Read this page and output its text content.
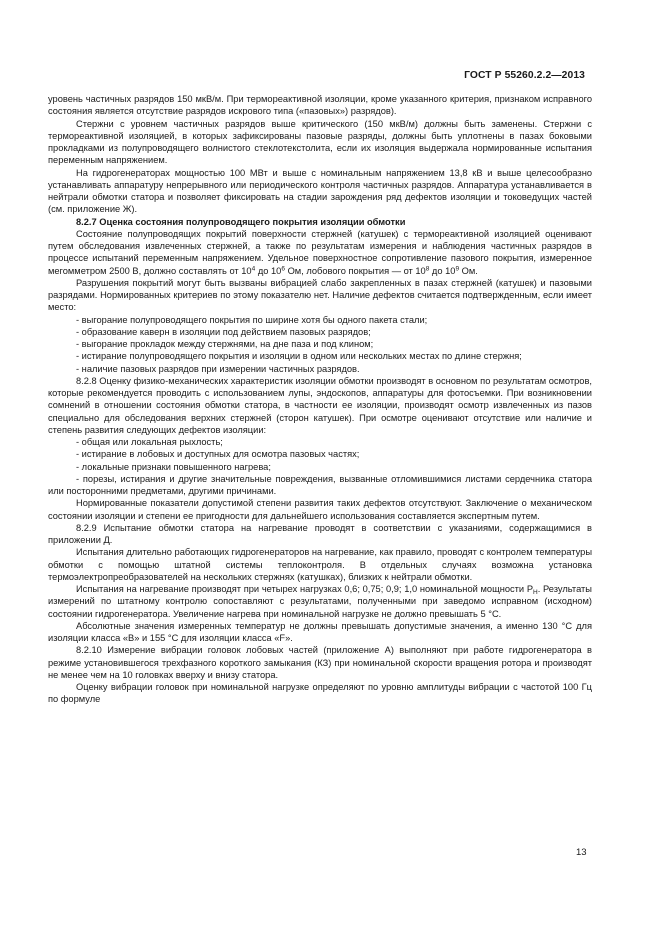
ГОСТ Р 55260.2.2—2013

уровень частичных разрядов 150 мкВ/м. При термореактивной изоляции, кроме указанного критерия, признаком исправного состояния является отсутствие разрядов искрового типа («пазовых») разрядов).

Стержни с уровнем частичных разрядов выше критического (150 мкВ/м) должны быть заменены. Стержни с термореактивной изоляцией, в которых зафиксированы пазовые разряды, должны быть уплотнены в пазах боковыми прокладками из полупроводящего волнистого стеклотекстолита, если их изоляция выдержала нормированные испытания переменным напряжением.

На гидрогенераторах мощностью 100 МВт и выше с номинальным напряжением 13,8 кВ и выше целесообразно устанавливать аппаратуру непрерывного или периодического контроля частичных разрядов. Аппаратура устанавливается в нейтрали обмотки статора и позволяет фиксировать на стадии зарождения ряд дефектов изоляции и токоведущих частей (см. приложение Ж).

8.2.7 Оценка состояния полупроводящего покрытия изоляции обмотки

Состояние полупроводящих покрытий поверхности стержней (катушек) с термореактивной изоляцией оценивают путем обследования извлеченных стержней, а также по результатам измерения и наблюдения частичных разрядов в процессе испытаний переменным напряжением. Удельное поверхностное сопротивление пазового покрытия, измеренное мегомметром 2500 В, должно составлять от $10^4$ до $10^6$ Ом, лобового покрытия — от $10^8$ до $10^9$ Ом.

Разрушения покрытий могут быть вызваны вибрацией слабо закрепленных в пазах стержней (катушек) и пазовыми разрядами. Нормированных критериев по этому показателю нет. Наличие дефектов считается подтвержденным, если имеет место:

- выгорание полупроводящего покрытия по ширине хотя бы одного пакета стали;

- образование каверн в изоляции под действием пазовых разрядов;

- выгорание прокладок между стержнями, на дне паза и под клином;

- истирание полупроводящего покрытия и изоляции в одном или нескольких местах по длине стержня;

- наличие пазовых разрядов при измерении частичных разрядов.

8.2.8 Оценку физико-механических характеристик изоляции обмотки производят в основном по результатам осмотров, которые рекомендуется проводить с использованием лупы, эндоскопов, аппаратуры для фотосъемки. При возникновении сомнений в отношении состояния обмотки статора, в частности ее изоляции, производят осмотр извлеченных из пазов специально для обследования верхних стержней (сторон катушек). При осмотре оценивают отсутствие или наличие и степень развития следующих дефектов изоляции:

- общая или локальная рыхлость;

- истирание в лобовых и доступных для осмотра пазовых частях;

- локальные признаки повышенного нагрева;

- порезы, истирания и другие значительные повреждения, вызванные отломившимися листами сердечника статора или посторонними предметами, другими причинами.

Нормированные показатели допустимой степени развития таких дефектов отсутствуют. Заключение о механическом состоянии изоляции и степени ее пригодности для дальнейшего использования составляется экспертным путем.

8.2.9 Испытание обмотки статора на нагревание проводят в соответствии с указаниями, содержащимися в приложении Д.

Испытания длительно работающих гидрогенераторов на нагревание, как правило, проводят с контролем температуры обмотки с помощью штатной системы теплоконтроля. В отдельных случаях возможна установка термоэлектропреобразователей на нескольких стержнях (катушках), близких к нейтрали обмотки.

Испытания на нагревание производят при четырех нагрузках 0,6; 0,75; 0,9; 1,0 номинальной мощности $P_Н$. Результаты измерений по штатному контролю сопоставляют с результатами, полученными при заведомо исправном (исходном) состоянии гидрогенератора. Увеличение нагрева при номинальной нагрузке не должно превышать 5 °С.

Абсолютные значения измеренных температур не должны превышать допустимые значения, а именно 130 °С для изоляции класса «В» и 155 °С для изоляции класса «F».

8.2.10 Измерение вибрации головок лобовых частей (приложение А) выполняют при работе гидрогенератора в режиме установившегося трехфазного короткого замыкания (КЗ) при номинальной скорости вращения ротора и производят не менее чем на 10 головках вверху и внизу статора.

Оценку вибрации головок при номинальной нагрузке определяют по уровню амплитуды вибрации с частотой 100 Гц по формуле

13
